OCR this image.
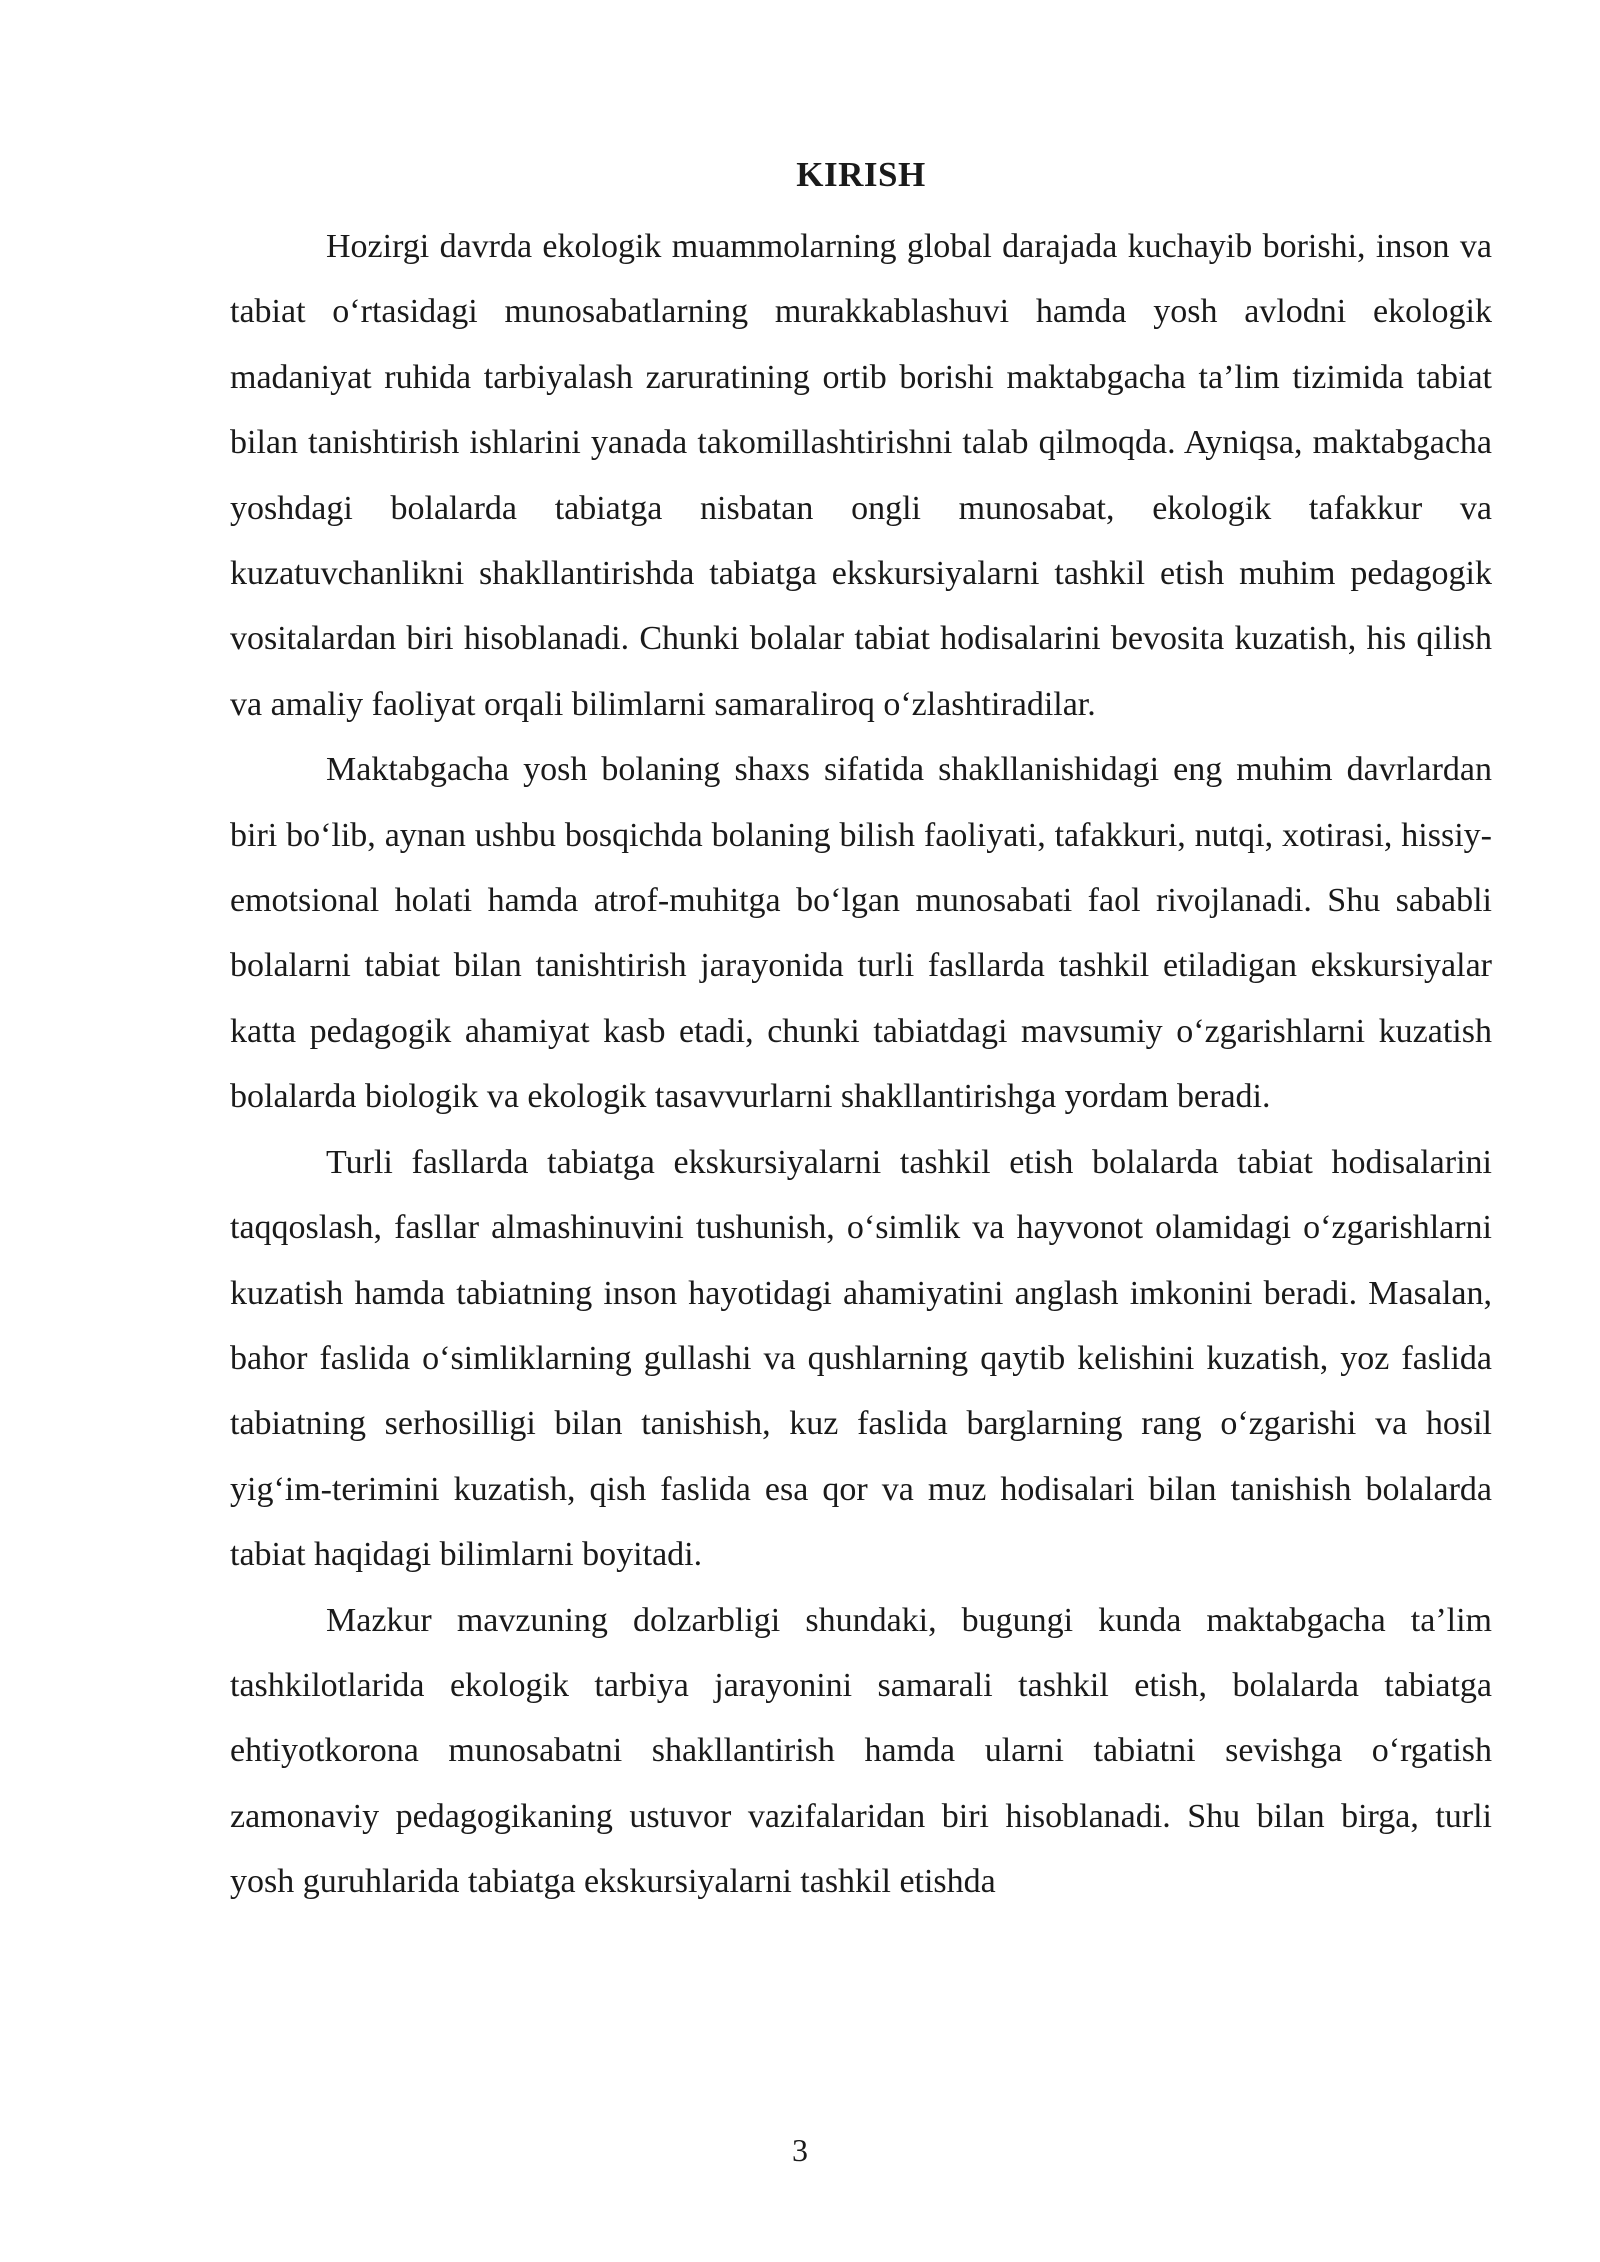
KIRISH

Hozirgi davrda ekologik muammolarning global darajada kuchayib borishi, inson va tabiat o‘rtasidagi munosabatlarning murakkablashuvi hamda yosh avlodni ekologik madaniyat ruhida tarbiyalash zaruratining ortib borishi maktabgacha ta’lim tizimida tabiat bilan tanishtirish ishlarini yanada takomillashtirishni talab qilmoqda. Ayniqsa, maktabgacha yoshdagi bolalarda tabiatga nisbatan ongli munosabat, ekologik tafakkur va kuzatuvchanlikni shakllantirishda tabiatga ekskursiyalarni tashkil etish muhim pedagogik vositalardan biri hisoblanadi. Chunki bolalar tabiat hodisalarini bevosita kuzatish, his qilish va amaliy faoliyat orqali bilimlarni samaraliroq o‘zlashtiradilar.

Maktabgacha yosh bolaning shaxs sifatida shakllanishidagi eng muhim davrlardan biri bo‘lib, aynan ushbu bosqichda bolaning bilish faoliyati, tafakkuri, nutqi, xotirasi, hissiy-emotsional holati hamda atrof-muhitga bo‘lgan munosabati faol rivojlanadi. Shu sababli bolalarni tabiat bilan tanishtirish jarayonida turli fasllarda tashkil etiladigan ekskursiyalar katta pedagogik ahamiyat kasb etadi, chunki tabiatdagi mavsumiy o‘zgarishlarni kuzatish bolalarda biologik va ekologik tasavvurlarni shakllantirishga yordam beradi.

Turli fasllarda tabiatga ekskursiyalarni tashkil etish bolalarda tabiat hodisalarini taqqoslash, fasllar almashinuvini tushunish, o‘simlik va hayvonot olamidagi o‘zgarishlarni kuzatish hamda tabiatning inson hayotidagi ahamiyatini anglash imkonini beradi. Masalan, bahor faslida o‘simliklarning gullashi va qushlarning qaytib kelishini kuzatish, yoz faslida tabiatning serhosilligi bilan tanishish, kuz faslida barglarning rang o‘zgarishi va hosil yig‘im-terimini kuzatish, qish faslida esa qor va muz hodisalari bilan tanishish bolalarda tabiat haqidagi bilimlarni boyitadi.

Mazkur mavzuning dolzarbligi shundaki, bugungi kunda maktabgacha ta’lim tashkilotlarida ekologik tarbiya jarayonini samarali tashkil etish, bolalarda tabiatga ehtiyotkorona munosabatni shakllantirish hamda ularni tabiatni sevishga o‘rgatish zamonaviy pedagogikaning ustuvor vazifalaridan biri hisoblanadi. Shu bilan birga, turli yosh guruhlarida tabiatga ekskursiyalarni tashkil etishda

3
